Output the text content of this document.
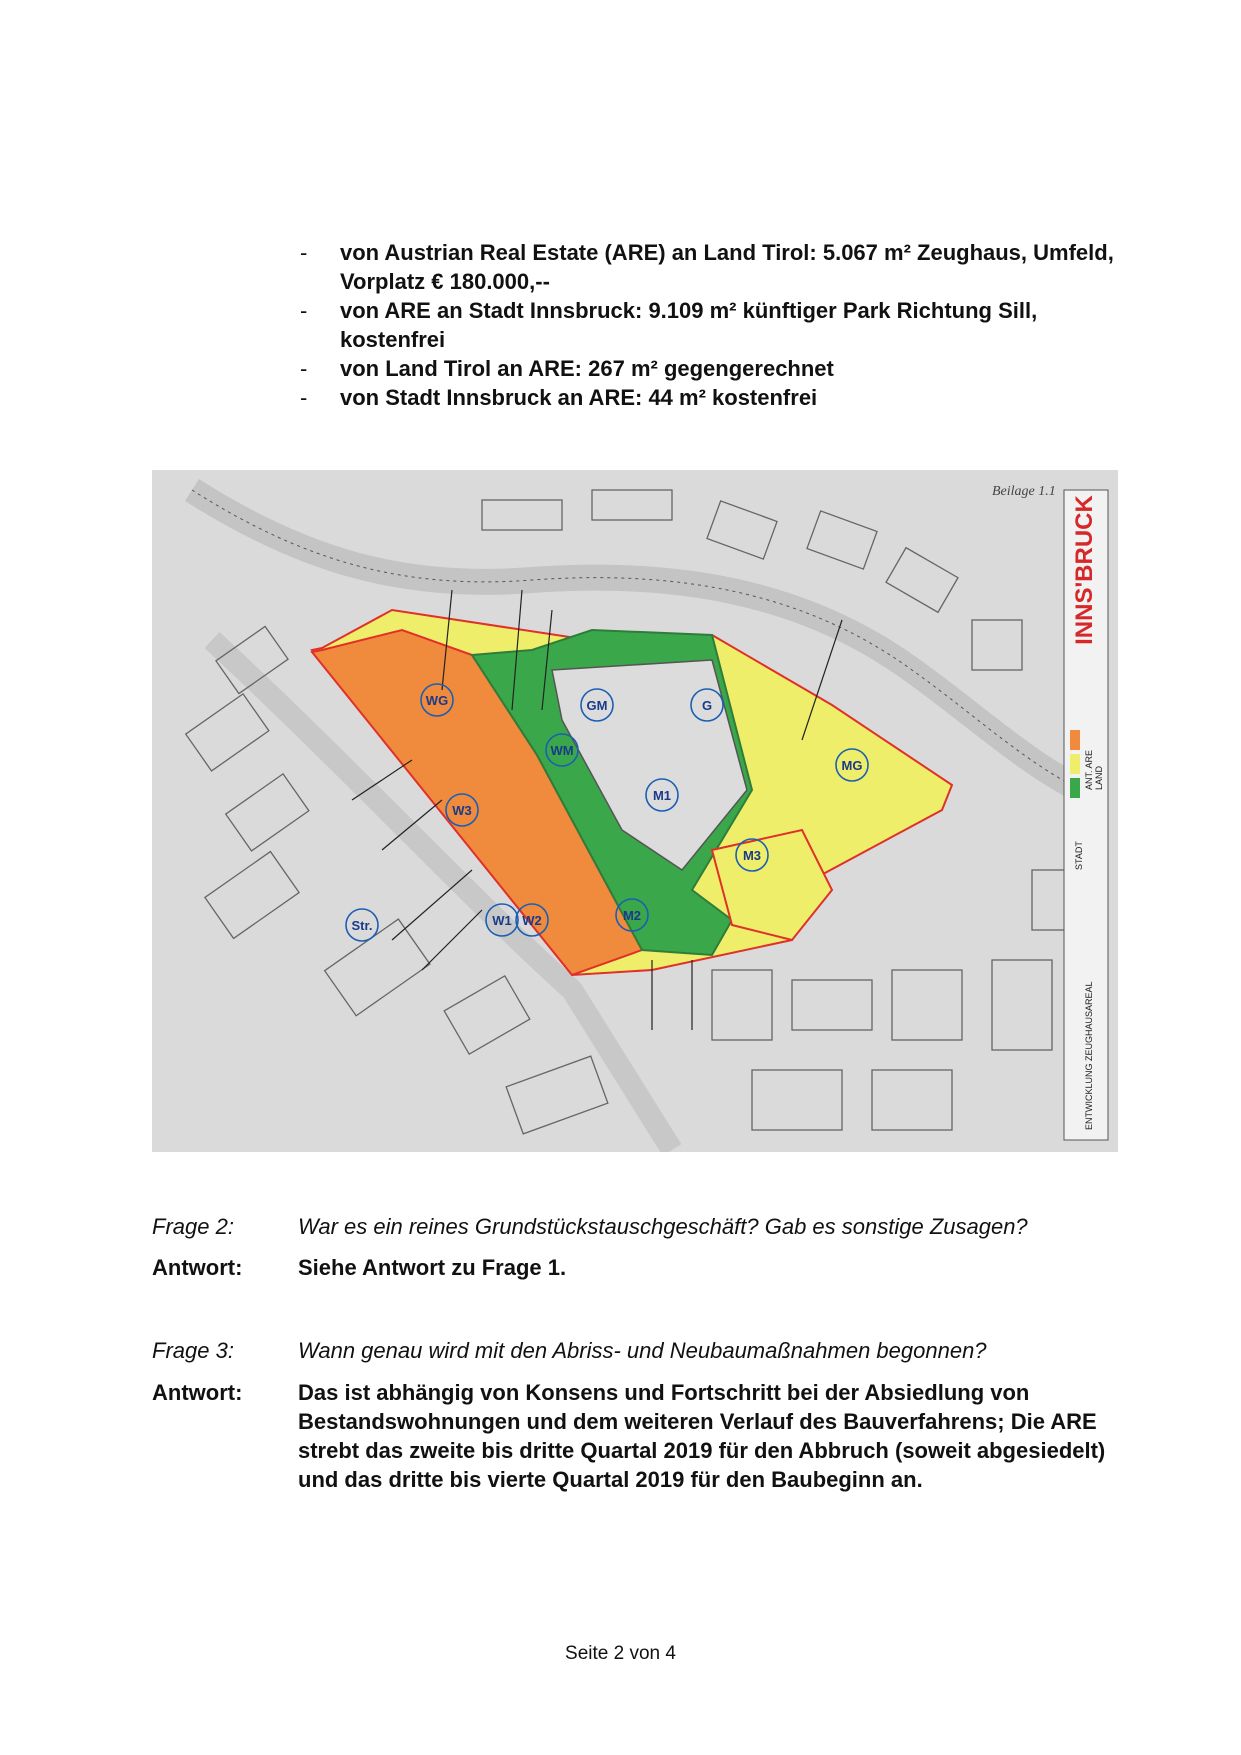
- von Austrian Real Estate (ARE) an Land Tirol: 5.067 m² Zeughaus, Umfeld, Vorplatz € 180.000,--
- von ARE an Stadt Innsbruck: 9.109 m² künftiger Park Richtung Sill, kostenfrei
- von Land Tirol an ARE: 267 m² gegengerechnet
- von Stadt Innsbruck an ARE: 44 m² kostenfrei
WG
W3
W1 W2
WM
GM
M1
G
MG
M2
M3
Str.
INNS'BRUCK
Beilage 1.1
ANT. ARE LAND
STADT
ENTWICKLUNG ZEUGHAUSAREAL
Frage 2:	War es ein reines Grundstückstauschgeschäft? Gab es sonstige Zusagen?
Antwort:	Siehe Antwort zu Frage 1.
Frage 3:	Wann genau wird mit den Abriss- und Neubaumaßnahmen begonnen?
Antwort:	Das ist abhängig von Konsens und Fortschritt bei der Absiedlung von Bestandswohnungen und dem weiteren Verlauf des Bauverfahrens; Die ARE strebt das zweite bis dritte Quartal 2019 für den Abbruch (soweit abgesiedelt) und das dritte bis vierte Quartal 2019 für den Baubeginn an.
Seite 2 von 4
